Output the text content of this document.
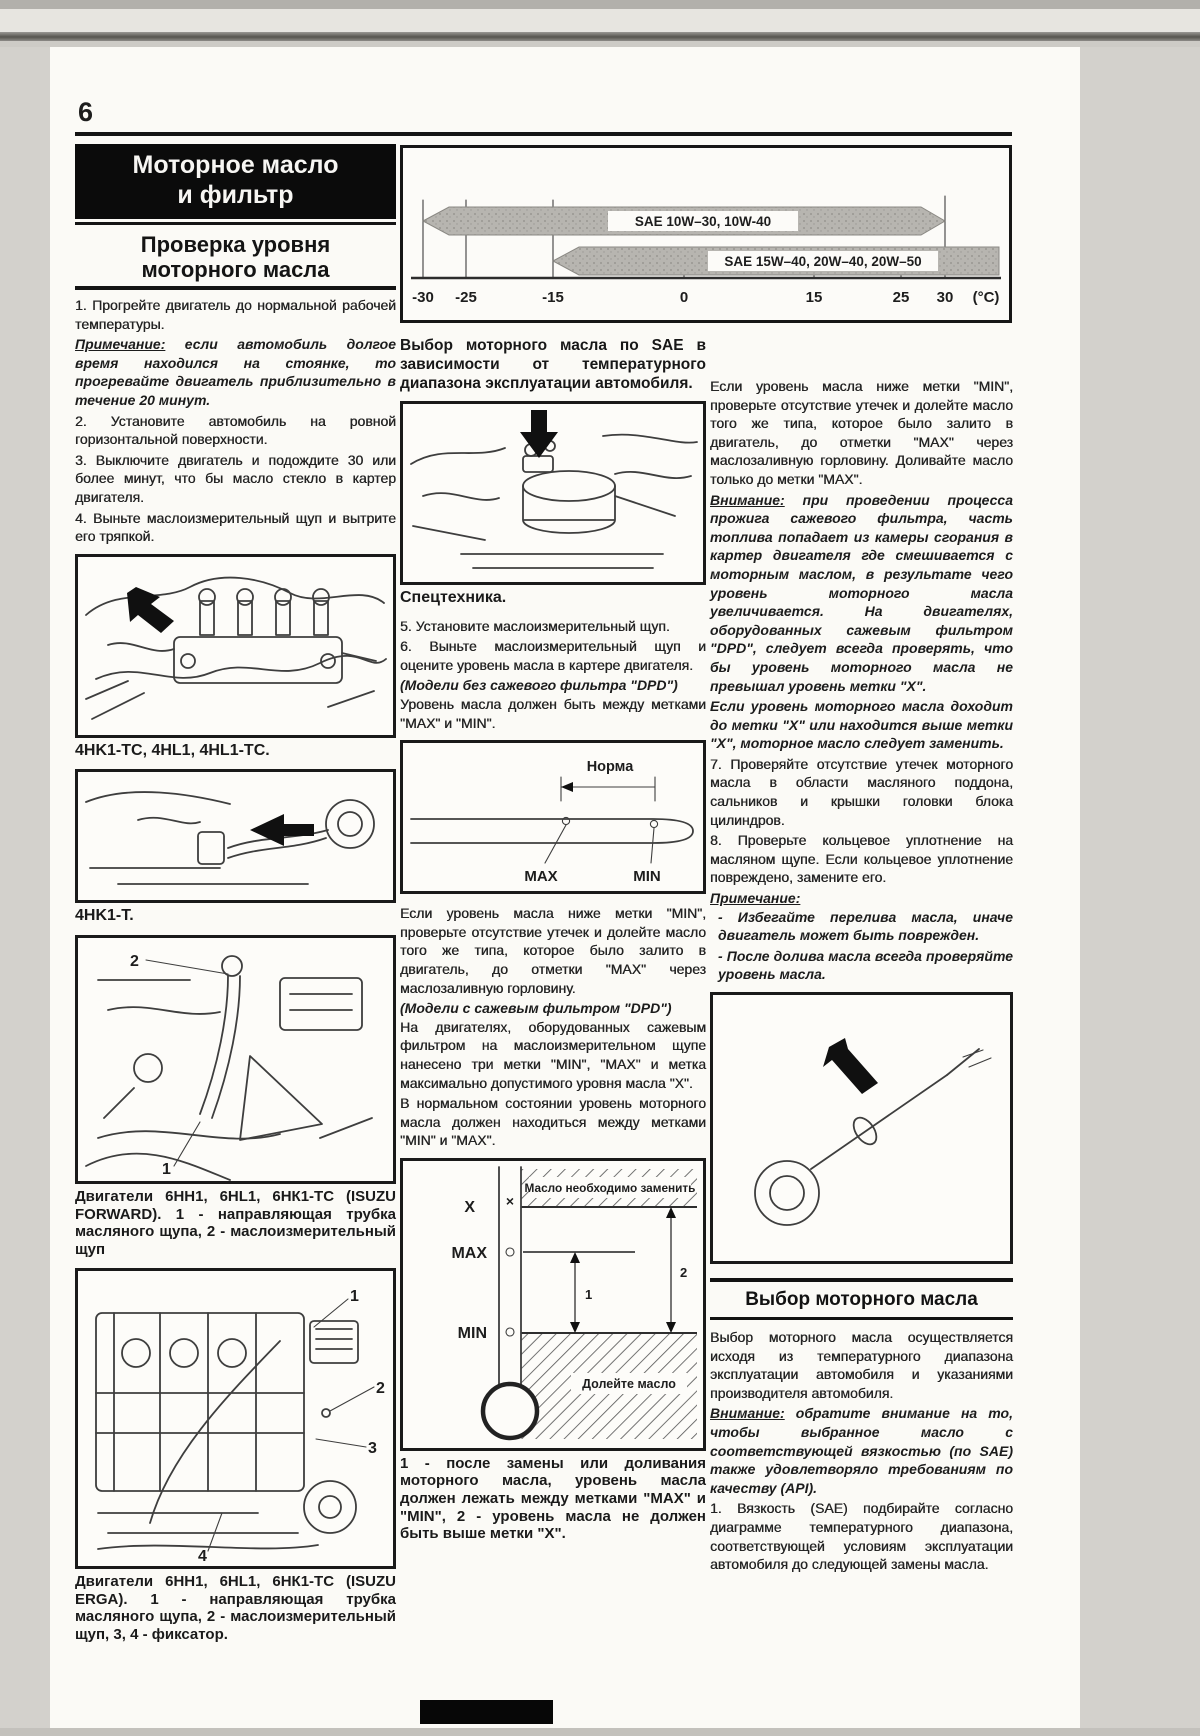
6
Моторное масло
и фильтр
Проверка уровня
моторного масла

1. Прогрейте двигатель до нормальной рабочей температуры.

Примечание: если автомобиль долгое время находился на стоянке, то прогревайте двигатель приблизительно в течение 20 минут.

2. Установите автомобиль на ровной горизонтальной поверхности.

3. Выключите двигатель и подождите 30 или более минут, что бы масло стекло в картер двигателя.

4. Выньте маслоизмерительный щуп и вытрите его тряпкой.

4HK1-TC, 4HL1, 4HL1-TC.
4HK1-T.
2
1
Двигатели 6НН1, 6HL1, 6НК1-ТС (ISUZU FORWARD). 1 - направляющая трубка масляного щупа, 2 - маслоизмерительный щуп
1
2
3
4
Двигатели 6НН1, 6HL1, 6НК1-ТС (ISUZU ERGA). 1 - направляющая трубка масляного щупа, 2 - маслоизмерительный щуп, 3, 4 - фиксатор.
SAE 10W–30, 10W-40
SAE 15W–40, 20W–40, 20W–50
-30 -25	-15	0	15	25 30 (°C)
Выбор моторного масла по SAE в зависимости от температурного диапазона эксплуатации автомобиля.
Спецтехника.

5. Установите маслоизмерительный щуп.

6. Выньте маслоизмерительный щуп и оцените уровень масла в картере двигателя.

(Модели без сажевого фильтра "DPD")

Уровень масла должен быть между метками "MAX" и "MIN".

Норма
MAX	MIN

Если уровень масла ниже метки "MIN", проверьте отсутствие утечек и долейте масло того же типа, которое было залито в двигатель, до отметки "MAX" через маслозаливную горловину.

(Модели с сажевым фильтром "DPD")

На двигателях, оборудованных сажевым фильтром на маслоизмерительном щупе нанесено три метки "MIN", "MAX" и метка максимально допустимого уровня масла "X".

В нормальном состоянии уровень моторного масла должен находиться между метками "MIN" и "MAX".

Масло необходимо заменить
Долейте масло
×
X
MAX
MIN
1
2
1 - после замены или доливания моторного масла, уровень масла должен лежать между метками "MAX" и "MIN", 2 - уровень масла не должен быть выше метки "X".

Если уровень масла ниже метки "MIN", проверьте отсутствие утечек и долейте масло того же типа, которое было залито в двигатель, до отметки "MAX" через маслозаливную горловину. Доливайте масло только до метки "MAX".

Внимание: при проведении процесса прожига сажевого фильтра, часть топлива попадает из камеры сгорания в картер двигателя где смешивается с моторным маслом, в результате чего уровень моторного масла увеличивается. На двигателях, оборудованных сажевым фильтром "DPD", следует всегда проверять, что бы уровень моторного масла не превышал уровень метки "X".

Если уровень моторного масла доходит до метки "X" или находится выше метки "X", моторное масло следует заменить.

7. Проверяйте отсутствие утечек моторного масла в области масляного поддона, сальников и крышки головки блока цилиндров.

8. Проверьте кольцевое уплотнение на масляном щупе. Если кольцевое уплотнение повреждено, замените его.

Примечание:

- Избегайте перелива масла, иначе двигатель может быть поврежден.

- После долива масла всегда проверяйте уровень масла.

Выбор моторного масла

Выбор моторного масла осуществляется исходя из температурного диапазона эксплуатации автомобиля и указаниями производителя автомобиля.

Внимание: обратите внимание на то, чтобы выбранное масло с соответствующей вязкостью (по SAE) также удовлетворяло требованиям по качеству (API).

1. Вязкость (SAE) подбирайте согласно диаграмме температурного диапазона, соответствующей условиям эксплуатации автомобиля до следующей замены масла.
